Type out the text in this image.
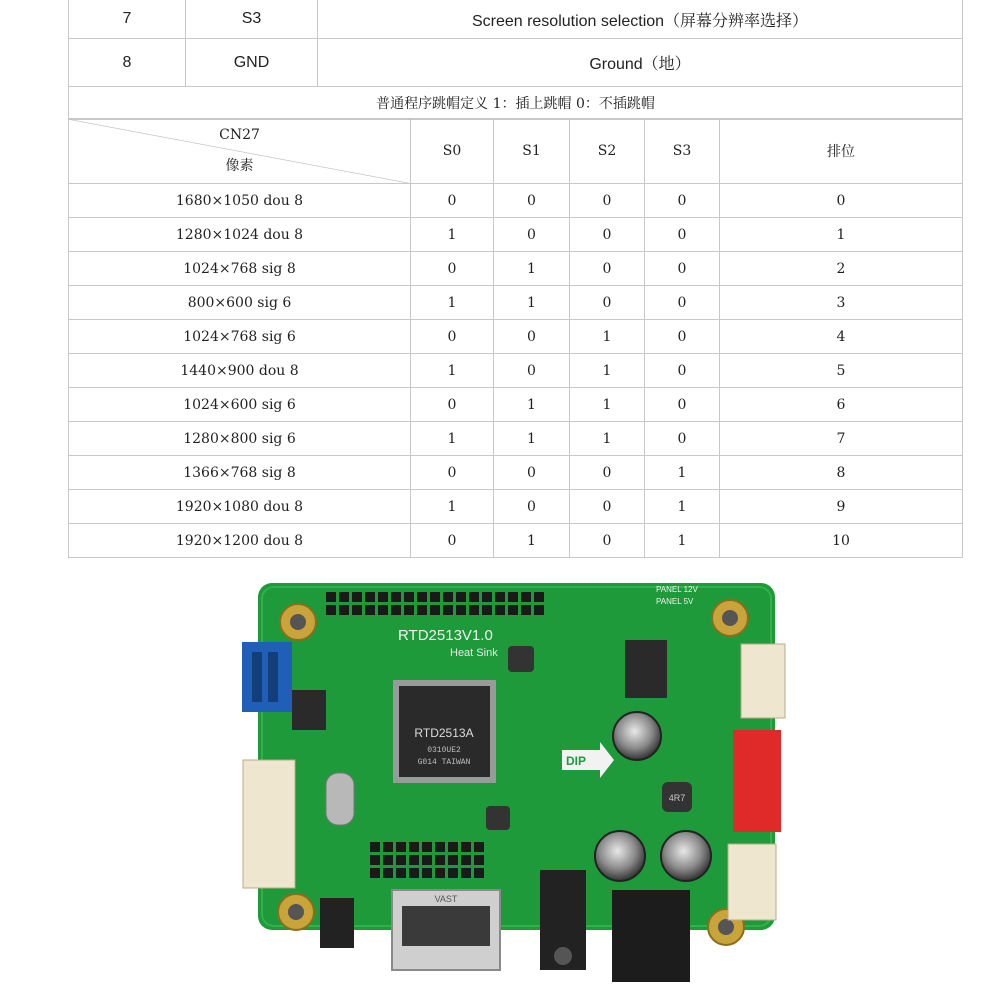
7	S3	Screen resolution selection（屏幕分辨率选择）
8	GND	Ground（地）
普通程序跳帽定义 1：插上跳帽 0：不插跳帽		
CN27
像素	S0	S1	S2	S3	排位
1680×1050 dou 8	0	0	0	0	0
1280×1024 dou 8	1	0	0	0	1
1024×768 sig 8	0	1	0	0	2
800×600 sig 6	1	1	0	0	3
1024×768 sig 6	0	0	1	0	4
1440×900 dou 8	1	0	1	0	5
1024×600 sig 6	0	1	1	0	6
1280×800 sig 6	1	1	1	0	7
1366×768 sig 8	0	0	0	1	8
1920×1080 dou 8	1	0	0	1	9
1920×1200 dou 8	0	1	0	1	10
RTD2513A
0310UE2
G014 TAIWAN
RTD2513V1.0
Heat Sink
PANEL 12V
PANEL 5V
DIP
4R7
VAST
